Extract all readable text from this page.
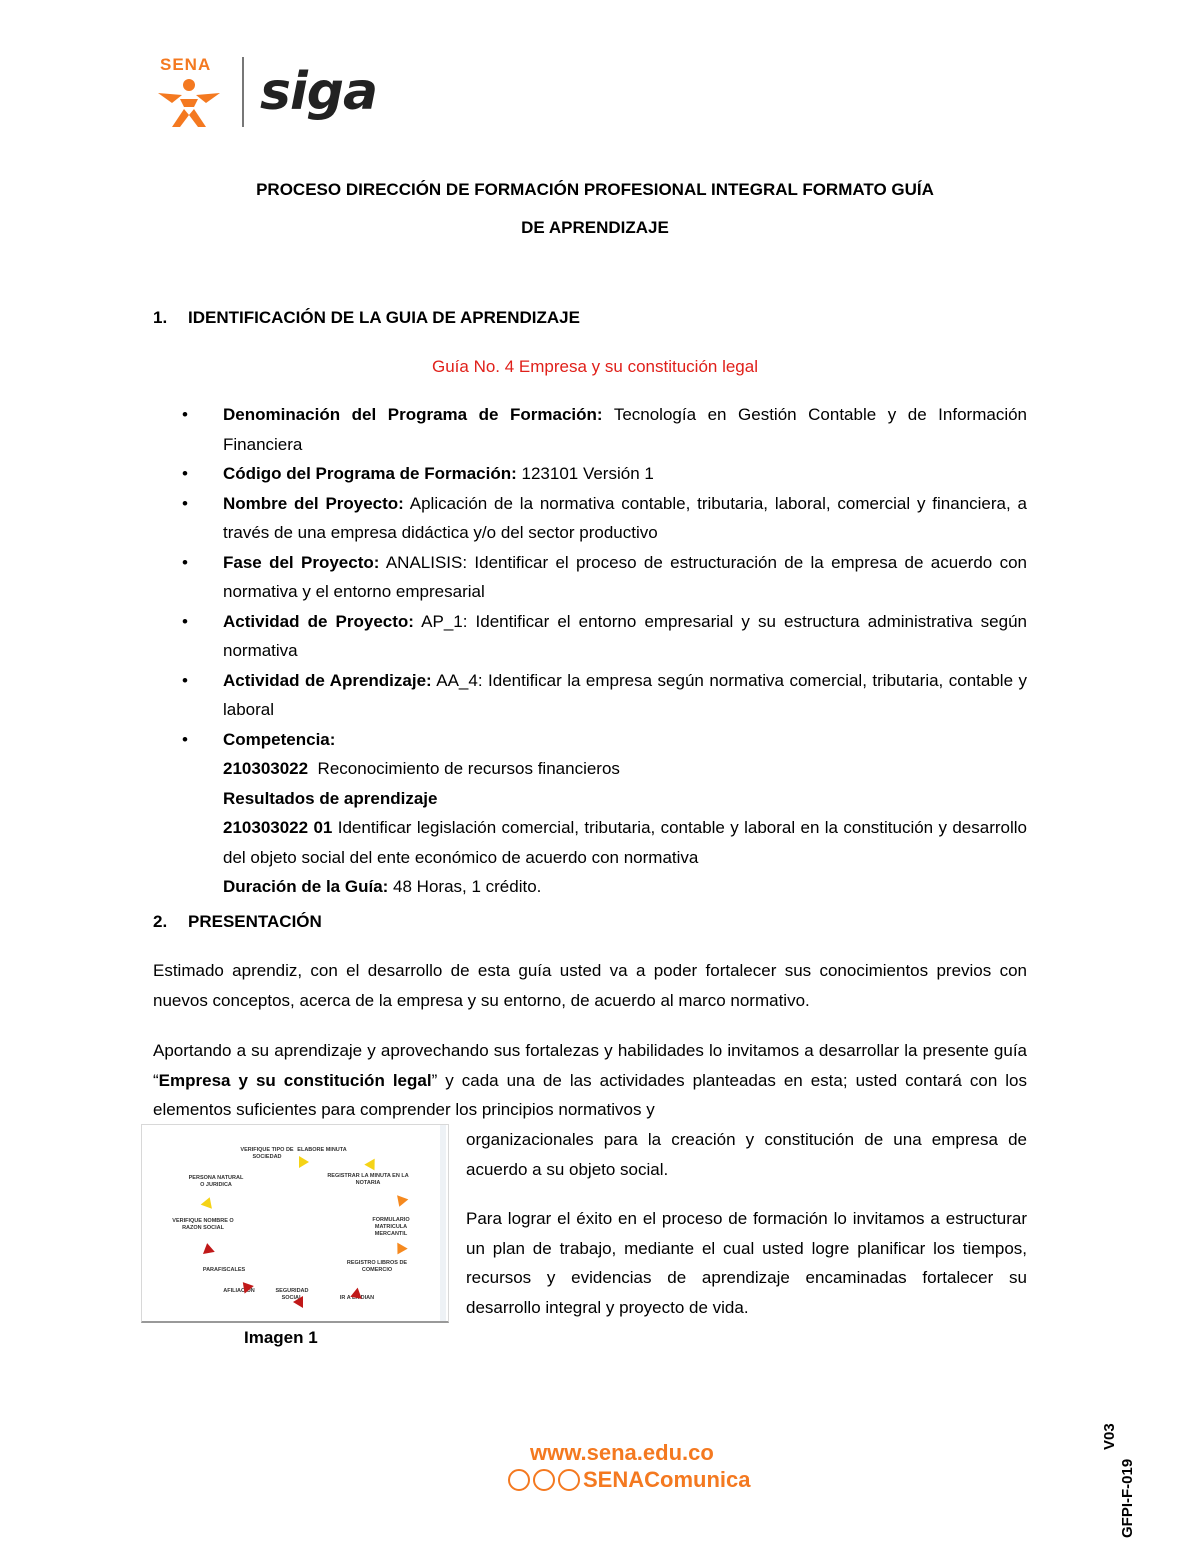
SENA siga
PROCESO DIRECCIÓN DE FORMACIÓN PROFESIONAL INTEGRAL FORMATO GUÍA
DE APRENDIZAJE
1. IDENTIFICACIÓN DE LA GUIA DE APRENDIZAJE
Guía No. 4 Empresa y su constitución legal
• Denominación del Programa de Formación: Tecnología en Gestión Contable y de Información Financiera
• Código del Programa de Formación: 123101 Versión 1
• Nombre del Proyecto: Aplicación de la normativa contable, tributaria, laboral, comercial y financiera, a través de una empresa didáctica y/o del sector productivo
• Fase del Proyecto: ANALISIS: Identificar el proceso de estructuración de la empresa de acuerdo con normativa y el entorno empresarial
• Actividad de Proyecto: AP_1: Identificar el entorno empresarial y su estructura administrativa según normativa
• Actividad de Aprendizaje: AA_4: Identificar la empresa según normativa comercial, tributaria, contable y laboral
• Competencia:
210303022 Reconocimiento de recursos financieros
Resultados de aprendizaje
210303022 01 Identificar legislación comercial, tributaria, contable y laboral en la constitución y desarrollo del objeto social del ente económico de acuerdo con normativa
Duración de la Guía: 48 Horas, 1 crédito.
2. PRESENTACIÓN
Estimado aprendiz, con el desarrollo de esta guía usted va a poder fortalecer sus conocimientos previos con nuevos conceptos, acerca de la empresa y su entorno, de acuerdo al marco normativo.
Aportando a su aprendizaje y aprovechando sus fortalezas y habilidades lo invitamos a desarrollar la presente guía “Empresa y su constitución legal” y cada una de las actividades planteadas en esta; usted contará con los elementos suficientes para comprender los principios normativos y
organizacionales para la creación y constitución de una empresa de acuerdo a su objeto social.
Para lograr el éxito en el proceso de formación lo invitamos a estructurar un plan de trabajo, mediante el cual usted logre planificar los tiempos, recursos y evidencias de aprendizaje encaminadas fortalecer su desarrollo integral y proyecto de vida.
VERIFIQUE TIPO DE SOCIEDAD
ELABORE MINUTA
REGISTRAR LA MINUTA EN LA NOTARIA
PERSONA NATURAL O JURIDICA
FORMULARIO MATRICULA MERCANTIL
VERIFIQUE NOMBRE O RAZON SOCIAL
REGISTRO LIBROS DE COMERCIO
PARAFISCALES
AFILIACION	SEGURIDAD SOCIAL	IR A LA DIAN
Imagen 1
www.sena.edu.co
SENAComunica	GFPI-F-019
V03
